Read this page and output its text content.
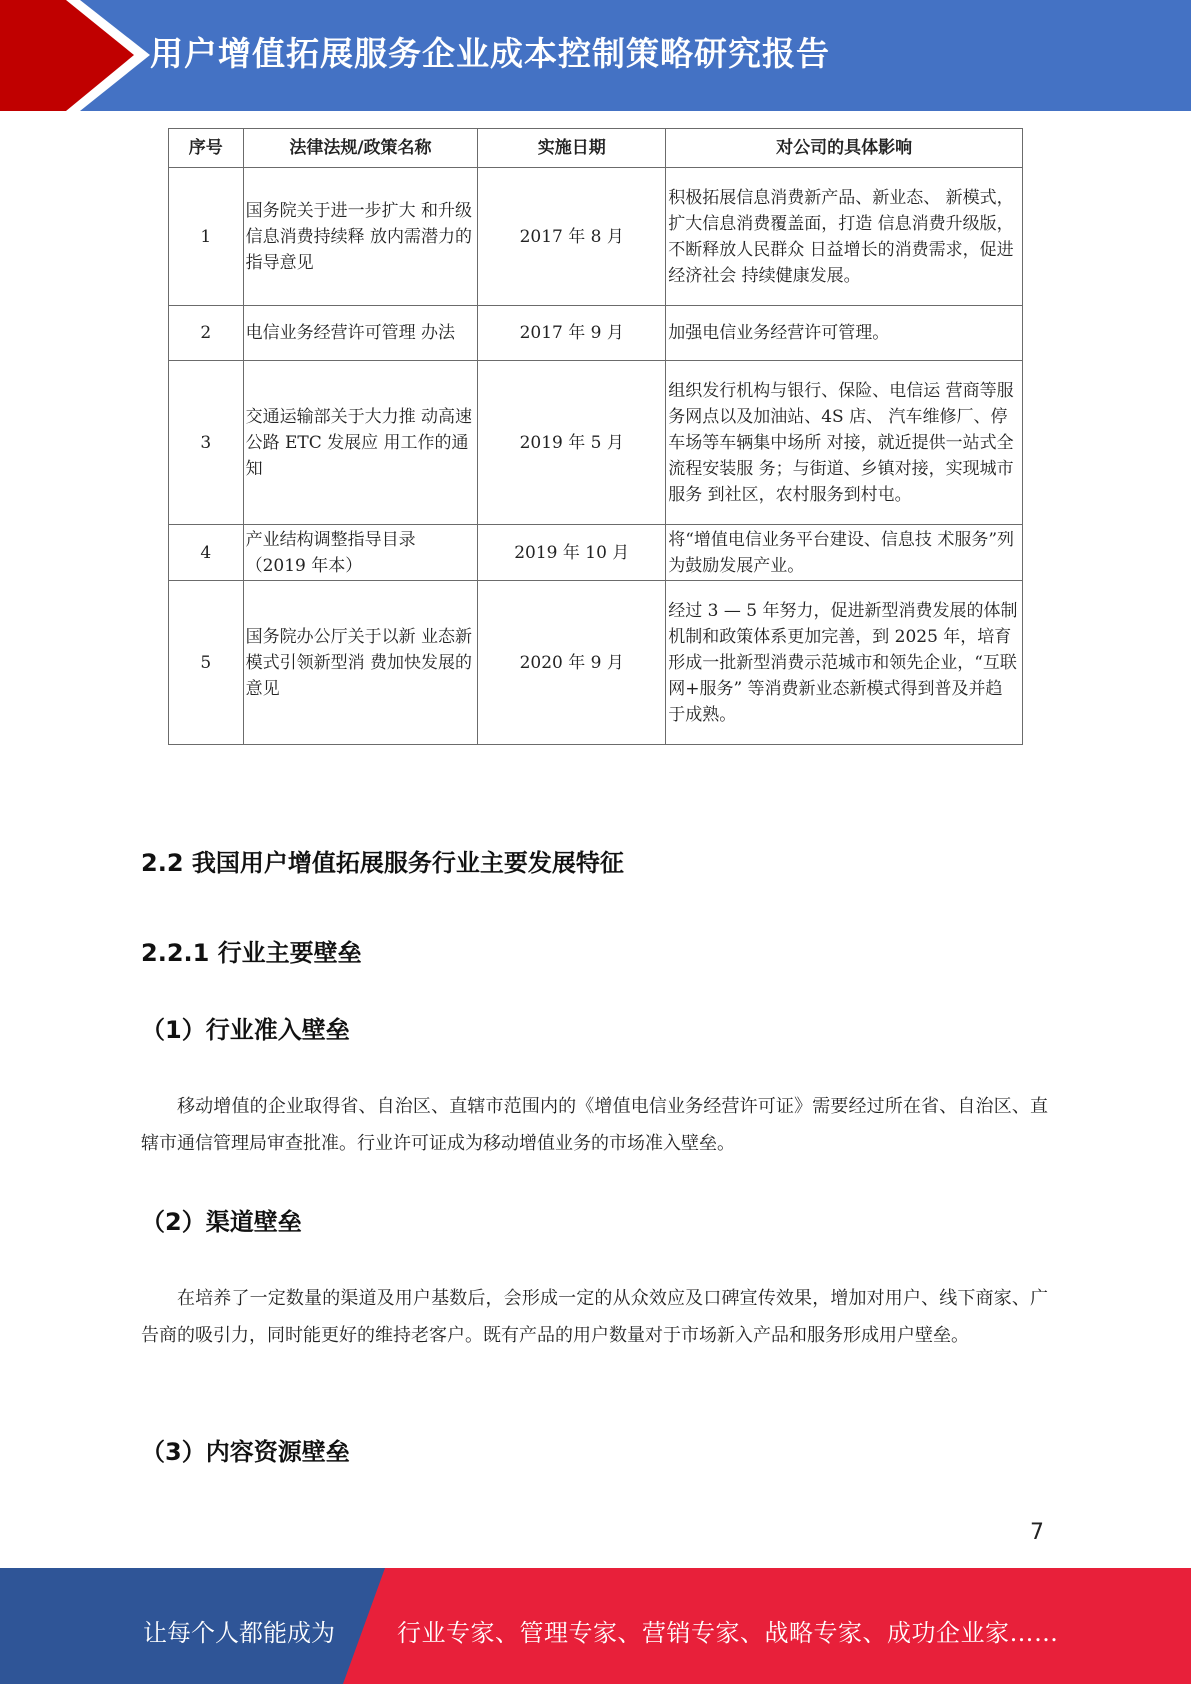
用户增值拓展服务企业成本控制策略研究报告
序号	法律法规/政策名称	实施日期	对公司的具体影响
1	国务院关于进一步扩大 和升级信息消费持续释 放内需潜力的指导意见	2017 年 8 月	积极拓展信息消费新产品、新业态、 新模式，扩大信息消费覆盖面，打造 信息消费升级版，不断释放人民群众 日益增长的消费需求，促进经济社会 持续健康发展。
2	电信业务经营许可管理 办法	2017 年 9 月	加强电信业务经营许可管理。
3	交通运输部关于大力推 动高速公路 ETC 发展应 用工作的通知	2019 年 5 月	组织发行机构与银行、保险、电信运 营商等服务网点以及加油站、4S 店、 汽车维修厂、停车场等车辆集中场所 对接，就近提供一站式全流程安装服 务；与街道、乡镇对接，实现城市服务 到社区，农村服务到村屯。
4	产业结构调整指导目录（2019 年本）	2019 年 10 月	将“增值电信业务平台建设、信息技 术服务”列为鼓励发展产业。
5	国务院办公厅关于以新 业态新模式引领新型消 费加快发展的意见	2020 年 9 月	经过 3 — 5 年努力，促进新型消费发展的体制机制和政策体系更加完善，到 2025 年，培育形成一批新型消费示范城市和领先企业，“互联网+服务” 等消费新业态新模式得到普及并趋 于成熟。
2.2 我国用户增值拓展服务行业主要发展特征
2.2.1 行业主要壁垒
（1）行业准入壁垒
移动增值的企业取得省、自治区、直辖市范围内的《增值电信业务经营许可证》需要经过所在省、自治区、直辖市通信管理局审查批准。行业许可证成为移动增值业务的市场准入壁垒。
（2）渠道壁垒
在培养了一定数量的渠道及用户基数后，会形成一定的从众效应及口碑宣传效果，增加对用户、线下商家、广告商的吸引力，同时能更好的维持老客户。既有产品的用户数量对于市场新入产品和服务形成用户壁垒。
（3）内容资源壁垒
7
让每个人都能成为	行业专家、管理专家、营销专家、战略专家、成功企业家……
